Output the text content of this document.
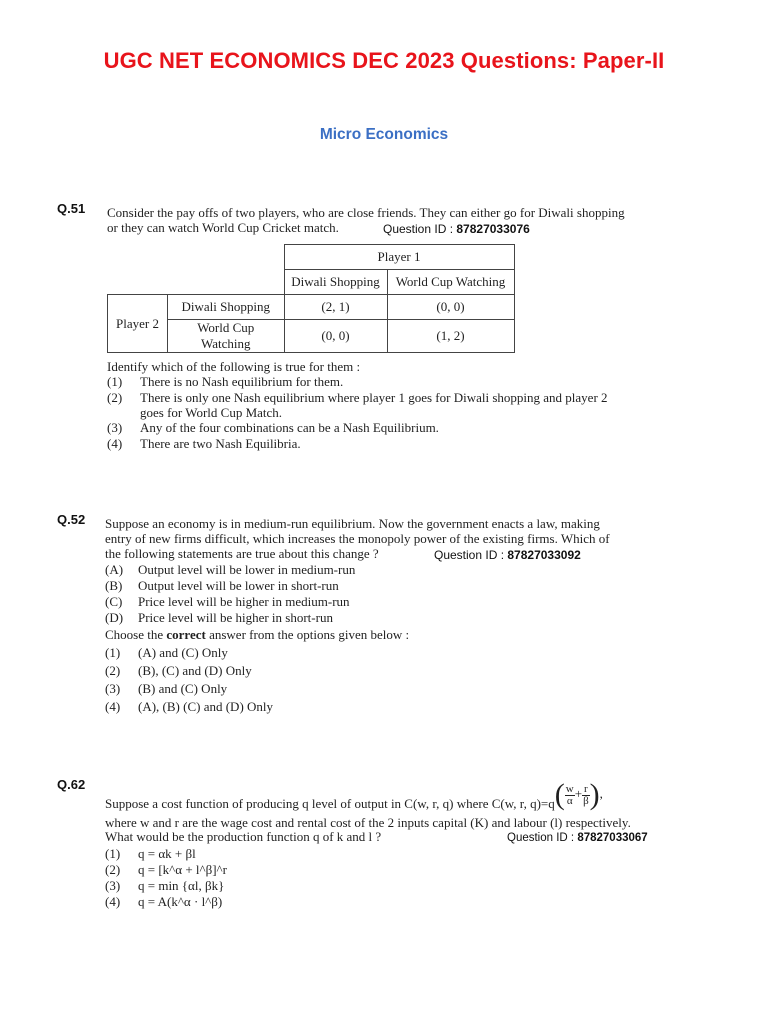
UGC NET ECONOMICS DEC 2023 Questions: Paper-II
Micro Economics
Q.51 Consider the pay offs of two players, who are close friends. They can either go for Diwali shopping
or they can watch World Cup Cricket match.	Question ID : 87827033076
		Player 1	
		Diwali Shopping	World Cup Watching
Player 2	Diwali Shopping	(2, 1)	(0, 0)
	World Cup Watching	(0, 0)	(1, 2)
Identify which of the following is true for them :
(1) There is no Nash equilibrium for them.
(2) There is only one Nash equilibrium where player 1 goes for Diwali shopping and player 2
goes for World Cup Match.
(3) Any of the four combinations can be a Nash Equilibrium.
(4) There are two Nash Equilibria.
Q.52 Suppose an economy is in medium-run equilibrium. Now the government enacts a law, making
entry of new firms difficult, which increases the monopoly power of the existing firms. Which of
the following statements are true about this change ?	Question ID : 87827033092
(A) Output level will be lower in medium-run
(B) Output level will be lower in short-run
(C) Price level will be higher in medium-run
(D) Price level will be higher in short-run
Choose the correct answer from the options given below :
(1) (A) and (C) Only
(2) (B), (C) and (D) Only
(3) (B) and (C) Only
(4) (A), (B) (C) and (D) Only
Q.62
Suppose a cost function of producing q level of output in C(w, r, q) where C(w, r, $q)=q( \frac{w}{\alpha} + \frac{r}{\beta}$ ),
where w and r are the wage cost and rental cost of the 2 inputs capital (K) and labour (l) respectively.
What would be the production function q of k and l ?	Question ID : 87827033067
(1) q = αk + βl
(2) q = [k^α + l^β]^r
(3) q = min {αl, βk}
(4) q = A(k^α · l^β)
